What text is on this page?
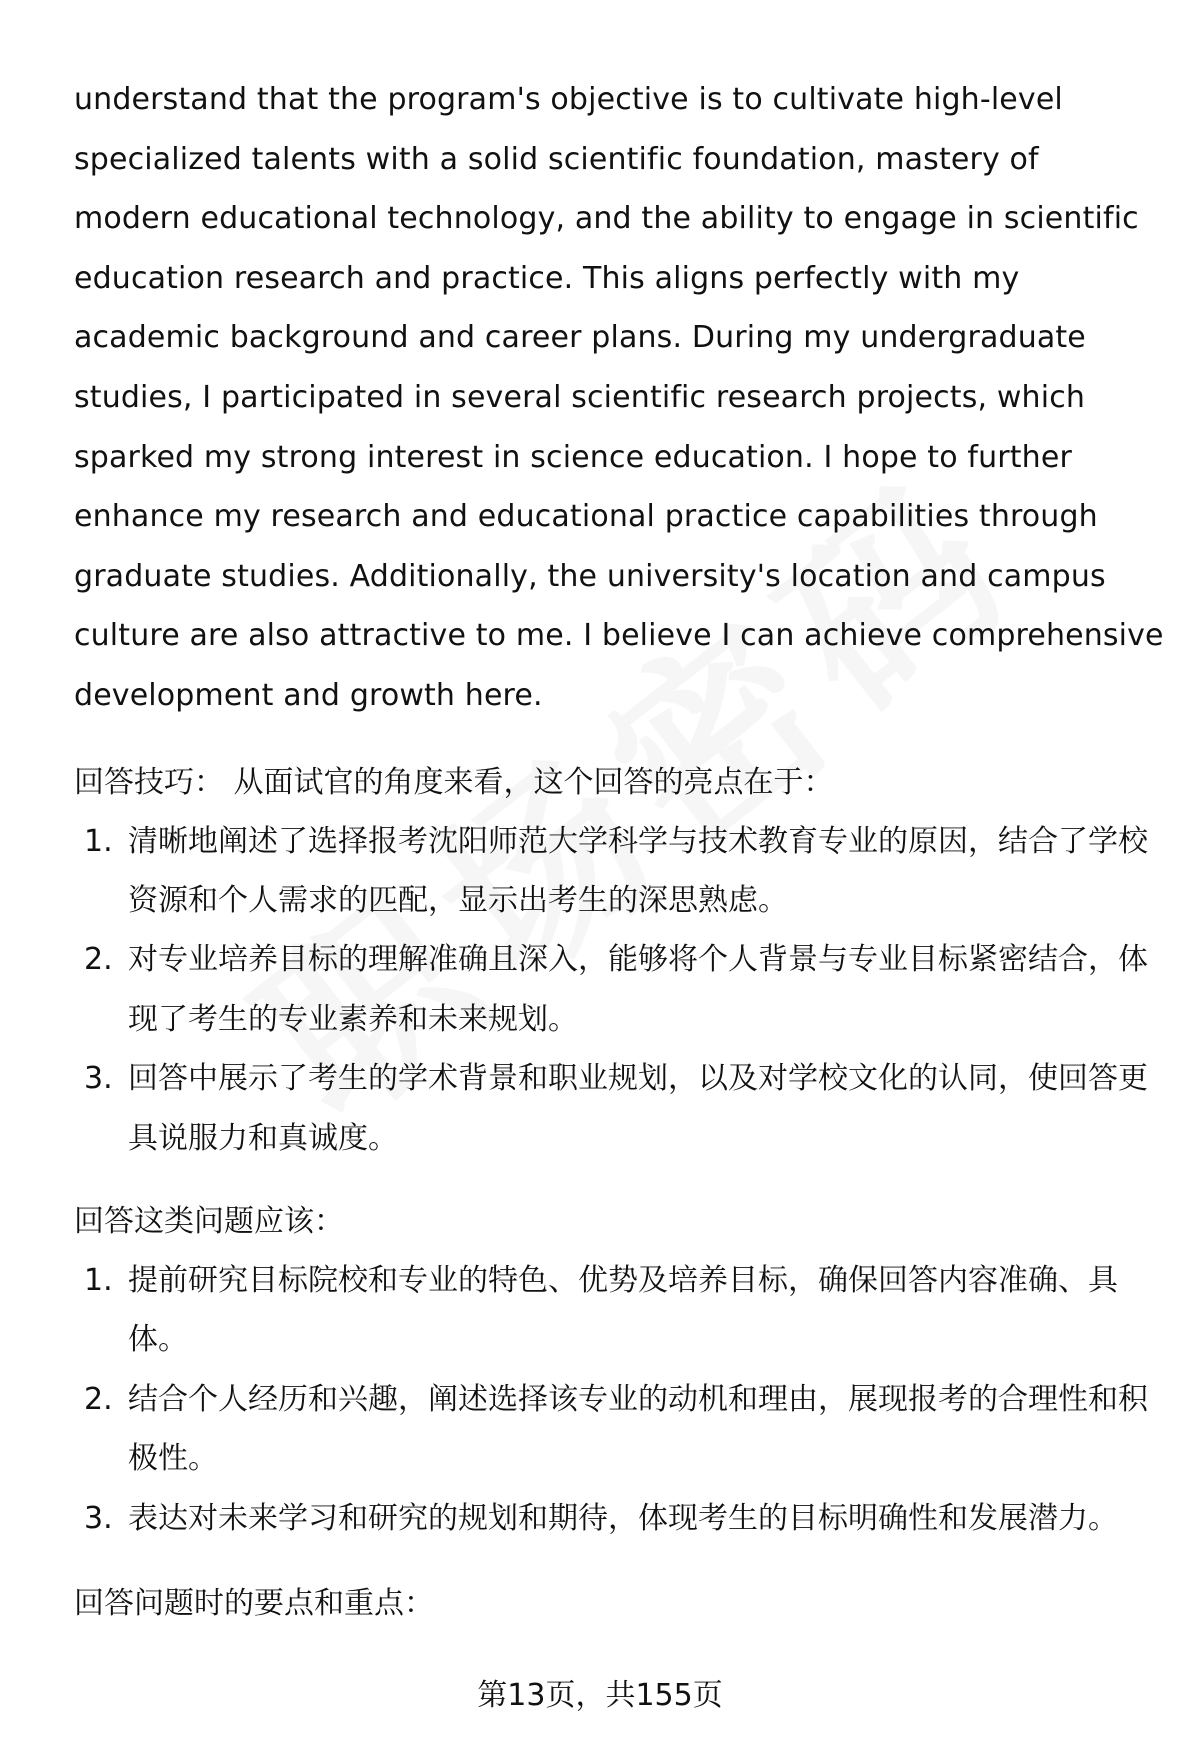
understand that the program's objective is to cultivate high-level specialized talents with a solid scientific foundation, mastery of modern educational technology, and the ability to engage in scientific education research and practice. This aligns perfectly with my academic background and career plans. During my undergraduate studies, I participated in several scientific research projects, which sparked my strong interest in science education. I hope to further enhance my research and educational practice capabilities through graduate studies. Additionally, the university's location and campus culture are also attractive to me. I believe I can achieve comprehensive development and growth here.

回答技巧： 从面试官的角度来看，这个回答的亮点在于：

1. 清晰地阐述了选择报考沈阳师范大学科学与技术教育专业的原因，结合了学校资源和个人需求的匹配，显示出考生的深思熟虑。
2. 对专业培养目标的理解准确且深入，能够将个人背景与专业目标紧密结合，体现了考生的专业素养和未来规划。
3. 回答中展示了考生的学术背景和职业规划，以及对学校文化的认同，使回答更具说服力和真诚度。

回答这类问题应该：

1. 提前研究目标院校和专业的特色、优势及培养目标，确保回答内容准确、具体。
2. 结合个人经历和兴趣，阐述选择该专业的动机和理由，展现报考的合理性和积极性。
3. 表达对未来学习和研究的规划和期待，体现考生的目标明确性和发展潜力。

回答问题时的要点和重点：

第13页，共155页
